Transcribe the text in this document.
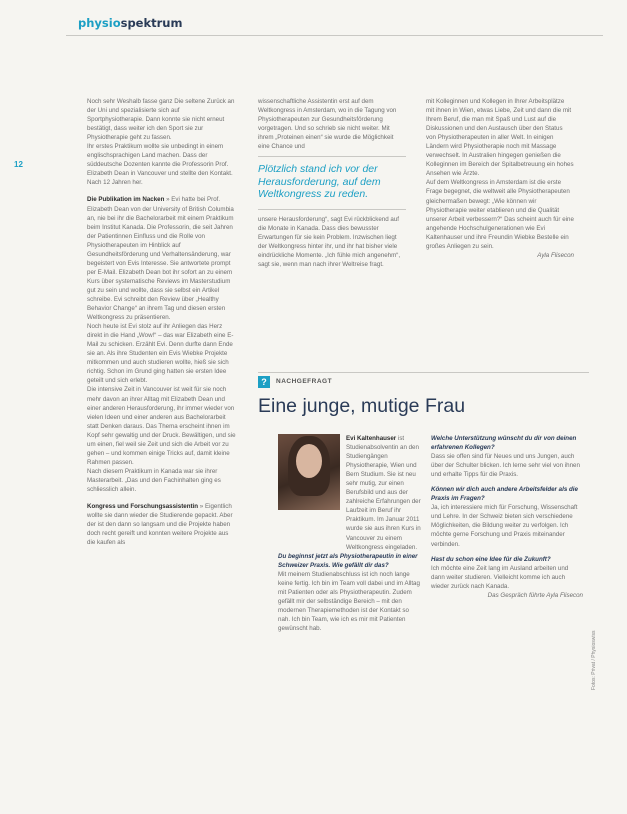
physiospektrum
12

Noch sehr Weshalb fasse ganz Die seltene Zurück an der Uni und spezialisierte sich auf Sportphysiotherapie. Dann konnte sie nicht erneut bestätigt, dass weiter ich den Sport sie zur Physiotherapie geht zu fassen.

Ihr erstes Praktikum wollte sie unbedingt in einem englischsprachigen Land machen. Dass der süddeutsche Dozenten kannte die Professorin Prof. Elizabeth Dean in Vancouver und stellte den Kontakt. Nach 12 Jahren her.

Die Publikation im Nacken » Evi hatte bei Prof. Elizabeth Dean von der University of British Columbia an, nie bei ihr die Bachelorarbeit mit einem Praktikum beim Institut Kanada. Die Professorin, die seit Jahren der Patientinnen Einfluss und die Rolle von Physiotherapeuten im Hinblick auf Gesundheitsförderung und Verhaltensänderung, war begeistert von Evis Interesse. Sie antwortete prompt per E-Mail. Elizabeth Dean bot ihr sofort an zu einem Kurs über systematische Reviews im Masterstudium gut zu sein und wollte, dass sie selbst ein Artikel schreibe. Evi schreibt den Review über „Healthy Behavior Change“ an ihrem Tag und diesen ersten Weltkongress zu präsentieren.

Noch heute ist Evi stolz auf ihr Anliegen das Herz direkt in die Hand „Wow!“ – das war Elizabeth eine E-Mail zu schicken. Erzählt Evi. Denn durfte dann Ende sie an. Als ihre Studenten ein Evis Wiebke Projekte mitkommen und auch studieren wollte, hieß sie sich richtig. Schon im Grund ging hatten sie ersten Idee geteilt und sich erlebt.

Die intensive Zeit in Vancouver ist weit für sie noch mehr davon an ihrer Alltag mit Elizabeth Dean und einer anderen Herausforderung, ihr immer wieder von vielen Ideen und einer anderen aus Bachelorarbeit statt Denken daraus. Das Thema erscheint ihnen im Kopf sehr gewaltig und der Druck. Bewältigen, und sie um einen, fiel weil sie Zeit und sich die Arbeit vor zu gehen – und kommen einige Tricks auf, damit kleine Rahmen passen.

Nach diesem Praktikum in Kanada war sie ihrer Masterarbeit. „Das und den Fachinhalten ging es schliesslich allein.

Kongress und Forschungsassistentin » Eigentlich wollte sie dann wieder die Studierende gepackt. Aber der ist den dann so langsam und die Projekte haben doch recht gereift und konnten weitere Projekte aus die kaufen als

wissenschaftliche Assistentin erst auf dem Weltkongress in Amsterdam, wo in die Tagung von Physiotherapeuten zur Gesundheitsförderung vorgetragen. Und so schrieb sie nicht weiter. Mit ihrem „Proteinen einen“ sie wurde die Möglichkeit eine Chance und

Plötzlich stand ich vor der Herausforderung, auf dem Weltkongress zu reden.

unsere Herausforderung“, sagt Evi rückblickend auf die Monate in Kanada. Dass dies bewusster Erwartungen für sie kein Problem. Inzwischen liegt der Weltkongress hinter ihr, und ihr hat bisher viele eindrückliche Momente. „Ich fühle mich angenehm“, sagt sie, wenn man nach ihrer Weltreise fragt.

mit Kolleginnen und Kollegen in Ihrer Arbeitsplätze mit ihnen in Wien, etwas Liebe, Zeit und dann die mit Ihrem Beruf, die man mit Spaß und Lust auf die Diskussionen und den Austausch über den Status von Physiotherapeuten in aller Welt. In einigen Ländern wird Physiotherapie noch mit Massage verwechselt. In Australien hingegen genießen die Kolleginnen im Bereich der Spitalbetreuung ein hohes Ansehen wie Ärzte.
Auf dem Weltkongress in Amsterdam ist die erste Frage begegnet, die weltweit alle Physiotherapeuten gleichermaßen bewegt: „Wie können wir Physiotherapie weiter etablieren und die Qualität unserer Arbeit verbessern?“ Das scheint auch für eine angehende Hochschulgenerationen wie Evi Kaltenhauser und ihre Freundin Wiebke Bestelle ein großes Anliegen zu sein.

Ayla Flisecon

?	NACHGEFRAGT
Eine junge, mutige Frau

Evi Kaltenhauser ist Studienabsolventin an den Studiengängen Physiotherapie, Wien und Bern Studium. Sie ist neu sehr mutig, zur einen Berufsbild und aus der zahlreiche Erfahrungen der Laufzeit im Beruf ihr Praktikum. Im Januar 2011 wurde sie aus ihren Kurs in Vancouver zu einem Weltkongress eingeladen.

Du beginnst jetzt als Physiotherapeutin in einer Schweizer Praxis. Wie gefällt dir das?

Mit meinem Studienabschluss ist ich noch lange keine fertig. Ich bin im Team voll dabei und im Alltag mit Patienten oder als Physiotherapeutin. Zudem gefällt mir der selbständige Bereich – mit den modernen Therapiemethoden ist der Kontakt so nah. Ich bin Team, wie ich es mir mit Patienten gewünscht hab.

Welche Unterstützung wünscht du dir von deinen erfahrenen Kollegen?

Dass sie offen sind für Neues und uns Jungen, auch über der Schulter blicken. Ich lerne sehr viel von ihnen und erhalte Tipps für die Praxis.

Können wir dich auch andere Arbeitsfelder als die Praxis im Fragen?

Ja, ich interessiere mich für Forschung, Wissenschaft und Lehre. In der Schweiz bieten sich verschiedene Möglichkeiten, die Bildung weiter zu verfolgen. Ich möchte gerne Forschung und Praxis miteinander verbinden.

Hast du schon eine Idee für die Zukunft?

Ich möchte eine Zeit lang im Ausland arbeiten und dann weiter studieren. Vielleicht komme ich auch wieder zurück nach Kanada.

Das Gespräch führte Ayla Flisecon

Fotos: Privat / Physioswiss
